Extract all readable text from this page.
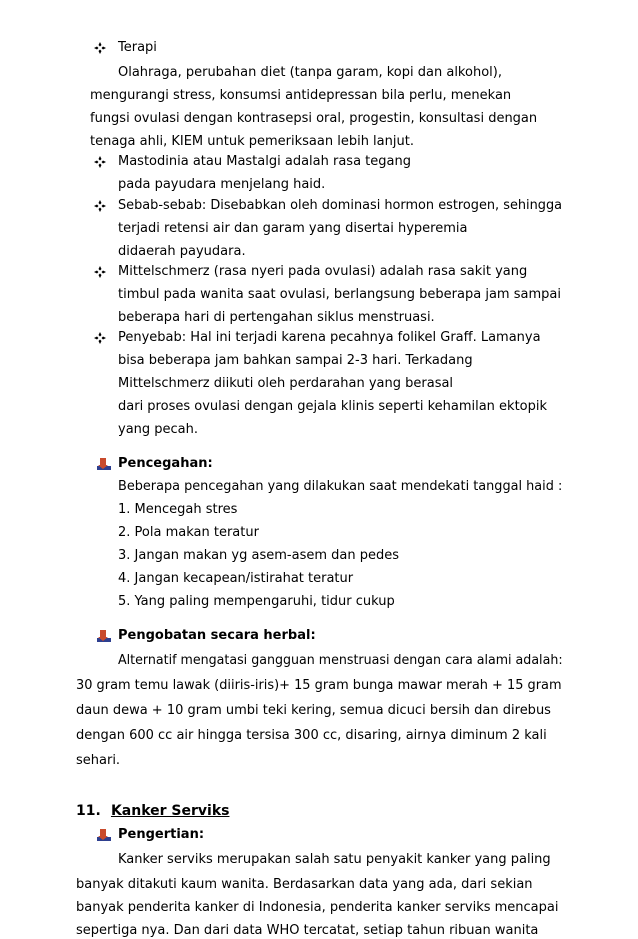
Terapi
Olahraga, perubahan diet (tanpa garam, kopi dan alkohol),
mengurangi stress, konsumsi antidepressan bila perlu, menekan
fungsi ovulasi dengan kontrasepsi oral, progestin, konsultasi dengan
tenaga ahli, KIEM untuk pemeriksaan lebih lanjut.
Mastodinia atau Mastalgi adalah rasa tegang
pada payudara menjelang haid.
Sebab-sebab: Disebabkan oleh dominasi hormon estrogen, sehingga
terjadi retensi air dan garam yang disertai hyperemia
didaerah payudara.
Mittelschmerz (rasa nyeri pada ovulasi) adalah rasa sakit yang
timbul pada wanita saat ovulasi, berlangsung beberapa jam sampai
beberapa hari di pertengahan siklus menstruasi.
Penyebab: Hal ini terjadi karena pecahnya folikel Graff. Lamanya
bisa beberapa jam bahkan sampai 2-3 hari. Terkadang
Mittelschmerz diikuti oleh perdarahan yang berasal
dari proses ovulasi dengan gejala klinis seperti kehamilan ektopik
yang pecah.
Pencegahan:
Beberapa pencegahan yang dilakukan saat mendekati tanggal haid :
1. Mencegah stres
2. Pola makan teratur
3. Jangan makan yg asem-asem dan pedes
4. Jangan kecapean/istirahat teratur
5. Yang paling mempengaruhi, tidur cukup
Pengobatan secara herbal:
Alternatif mengatasi gangguan menstruasi dengan cara alami adalah:
30 gram temu lawak (diiris-iris)+ 15 gram bunga mawar merah + 15 gram
daun dewa + 10 gram umbi teki kering, semua dicuci bersih dan direbus
dengan 600 cc air hingga tersisa 300 cc, disaring, airnya diminum 2 kali
sehari.
11. Kanker Serviks
Pengertian:
Kanker serviks merupakan salah satu penyakit kanker yang paling
banyak ditakuti kaum wanita. Berdasarkan data yang ada, dari sekian
banyak penderita kanker di Indonesia, penderita kanker serviks mencapai
sepertiga nya. Dan dari data WHO tercatat, setiap tahun ribuan wanita
